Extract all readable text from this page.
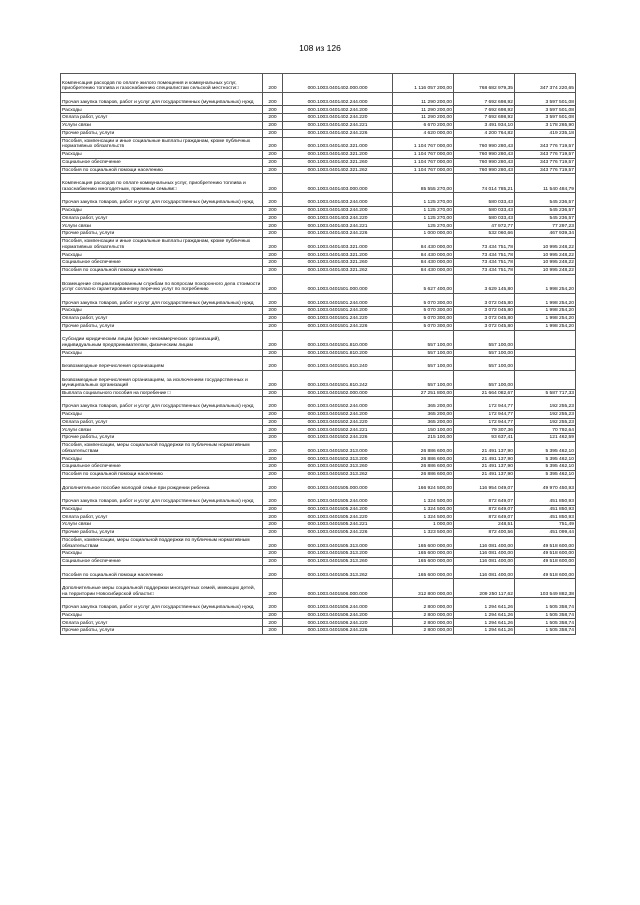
108 из 126
Компенсация расходов по оплате жилого помещения и коммунальных услуг, приобретению топлива и газоснабжению специалистам сельской местности□	200	000.1003.0401402.000.000	1 116 057 200,00	768 682 979,35	347 374 220,65
Прочая закупка товаров, работ и услуг для государственных (муниципальных) нужд	200	000.1003.0401402.244.000	11 290 200,00	7 692 698,92	3 597 501,08
Расходы	200	000.1003.0401402.244.200	11 290 200,00	7 692 698,92	3 597 501,08
Оплата работ, услуг	200	000.1003.0401402.244.220	11 290 200,00	7 692 698,92	3 597 501,08
Услуги связи	200	000.1003.0401402.244.221	6 670 200,00	3 491 934,10	3 178 265,90
Прочие работы, услуги	200	000.1003.0401402.244.226	4 620 000,00	4 200 764,82	419 235,18
Пособия, компенсации и иные социальные выплаты гражданам, кроме публичных нормативных обязательств	200	000.1003.0401402.321.000	1 104 767 000,00	760 990 280,43	343 776 719,57
Расходы	200	000.1003.0401402.321.200	1 104 767 000,00	760 990 280,43	343 776 719,57
Социальное обеспечение	200	000.1003.0401402.321.260	1 104 767 000,00	760 990 280,43	343 776 719,57
Пособия по социальной помощи населению	200	000.1003.0401402.321.262	1 104 767 000,00	760 990 280,43	343 776 719,57
Компенсация расходов по оплате коммунальных услуг, приобретению топлива и газоснабжению многодетным, приемным семьям□	200	000.1003.0401403.000.000	85 555 270,00	74 014 785,21	11 540 484,79
Прочая закупка товаров, работ и услуг для государственных (муниципальных) нужд	200	000.1003.0401403.244.000	1 125 270,00	580 033,43	545 236,57
Расходы	200	000.1003.0401403.244.200	1 125 270,00	580 033,43	545 236,57
Оплата работ, услуг	200	000.1003.0401403.244.220	1 125 270,00	580 033,43	545 236,57
Услуги связи	200	000.1003.0401403.244.221	125 270,00	47 972,77	77 297,23
Прочие работы, услуги	200	000.1003.0401403.244.226	1 000 000,00	532 060,66	467 939,34
Пособия, компенсации и иные социальные выплаты гражданам, кроме публичных нормативных обязательств	200	000.1003.0401403.321.000	84 430 000,00	73 434 751,78	10 995 248,22
Расходы	200	000.1003.0401403.321.200	84 430 000,00	73 434 751,78	10 995 248,22
Социальное обеспечение	200	000.1003.0401403.321.260	84 430 000,00	73 434 751,78	10 995 248,22
Пособия по социальной помощи населению	200	000.1003.0401403.321.262	84 430 000,00	73 434 751,78	10 995 248,22
Возмещение специализированным службам по вопросам похоронного дела стоимости услуг согласно гарантированному перечню услуг по погребению	200	000.1003.0401501.000.000	5 627 400,00	3 629 145,80	1 998 254,20
Прочая закупка товаров, работ и услуг для государственных (муниципальных) нужд	200	000.1003.0401501.244.000	5 070 300,00	3 072 045,80	1 998 254,20
Расходы	200	000.1003.0401501.244.200	5 070 300,00	3 072 045,80	1 998 254,20
Оплата работ, услуг	200	000.1003.0401501.244.220	5 070 300,00	3 072 045,80	1 998 254,20
Прочие работы, услуги	200	000.1003.0401501.244.226	5 070 300,00	3 072 045,80	1 998 254,20
Субсидии юридическим лицам (кроме некоммерческих организаций), индивидуальным предпринимателям, физическим лицам	200	000.1003.0401501.810.000	557 100,00	557 100,00	
Расходы	200	000.1003.0401501.810.200	557 100,00	557 100,00	
Безвозмездные перечисления организациям	200	000.1003.0401501.810.240	557 100,00	557 100,00	
Безвозмездные перечисления организациям, за исключением государственных и муниципальных организаций	200	000.1003.0401501.810.242	557 100,00	557 100,00	
Выплата социального пособия на погребение □	200	000.1003.0401502.000.000	27 251 800,00	21 664 082,67	5 587 717,33
Прочая закупка товаров, работ и услуг для государственных (муниципальных) нужд	200	000.1003.0401502.244.000	365 200,00	172 944,77	192 255,23
Расходы	200	000.1003.0401502.244.200	365 200,00	172 944,77	192 255,23
Оплата работ, услуг	200	000.1003.0401502.244.220	365 200,00	172 944,77	192 255,23
Услуги связи	200	000.1003.0401502.244.221	150 100,00	79 307,36	70 792,64
Прочие работы, услуги	200	000.1003.0401502.244.226	215 100,00	93 637,41	121 462,59
Пособия, компенсации, меры социальной поддержки по публичным нормативным обязательствам	200	000.1003.0401502.313.000	26 886 600,00	21 491 137,90	5 395 462,10
Расходы	200	000.1003.0401502.313.200	26 886 600,00	21 491 137,90	5 395 462,10
Социальное обеспечение	200	000.1003.0401502.313.260	26 886 600,00	21 491 137,90	5 395 462,10
Пособия по социальной помощи населению	200	000.1003.0401502.313.262	26 886 600,00	21 491 137,90	5 395 462,10
Дополнительное пособие молодой семье при рождении ребенка	200	000.1003.0401505.000.000	166 924 500,00	116 954 049,07	49 970 450,93
Прочая закупка товаров, работ и услуг для государственных (муниципальных) нужд	200	000.1003.0401505.244.000	1 324 500,00	872 649,07	451 850,93
Расходы	200	000.1003.0401505.244.200	1 324 500,00	872 649,07	451 850,93
Оплата работ, услуг	200	000.1003.0401505.244.220	1 324 500,00	872 649,07	451 850,93
Услуги связи	200	000.1003.0401505.244.221	1 000,00	248,51	751,49
Прочие работы, услуги	200	000.1003.0401505.244.226	1 323 500,00	872 400,56	451 099,44
Пособия, компенсации, меры социальной поддержки по публичным нормативным обязательствам	200	000.1003.0401505.313.000	165 600 000,00	116 081 400,00	49 518 600,00
Расходы	200	000.1003.0401505.313.200	165 600 000,00	116 081 400,00	49 518 600,00
Социальное обеспечение	200	000.1003.0401505.313.260	165 600 000,00	116 081 400,00	49 518 600,00
Пособия по социальной помощи населению	200	000.1003.0401505.313.262	165 600 000,00	116 081 400,00	49 518 600,00
Дополнительные меры социальной поддержки многодетных семей, имеющих детей, на территории Новосибирской области□	200	000.1003.0401506.000.000	312 800 000,00	209 250 117,62	103 549 882,38
Прочая закупка товаров, работ и услуг для государственных (муниципальных) нужд	200	000.1003.0401506.244.000	2 800 000,00	1 294 641,26	1 505 358,74
Расходы	200	000.1003.0401506.244.200	2 800 000,00	1 294 641,26	1 505 358,74
Оплата работ, услуг	200	000.1003.0401506.244.220	2 800 000,00	1 294 641,26	1 505 358,74
Прочие работы, услуги	200	000.1003.0401506.244.226	2 800 000,00	1 294 641,26	1 505 358,74
